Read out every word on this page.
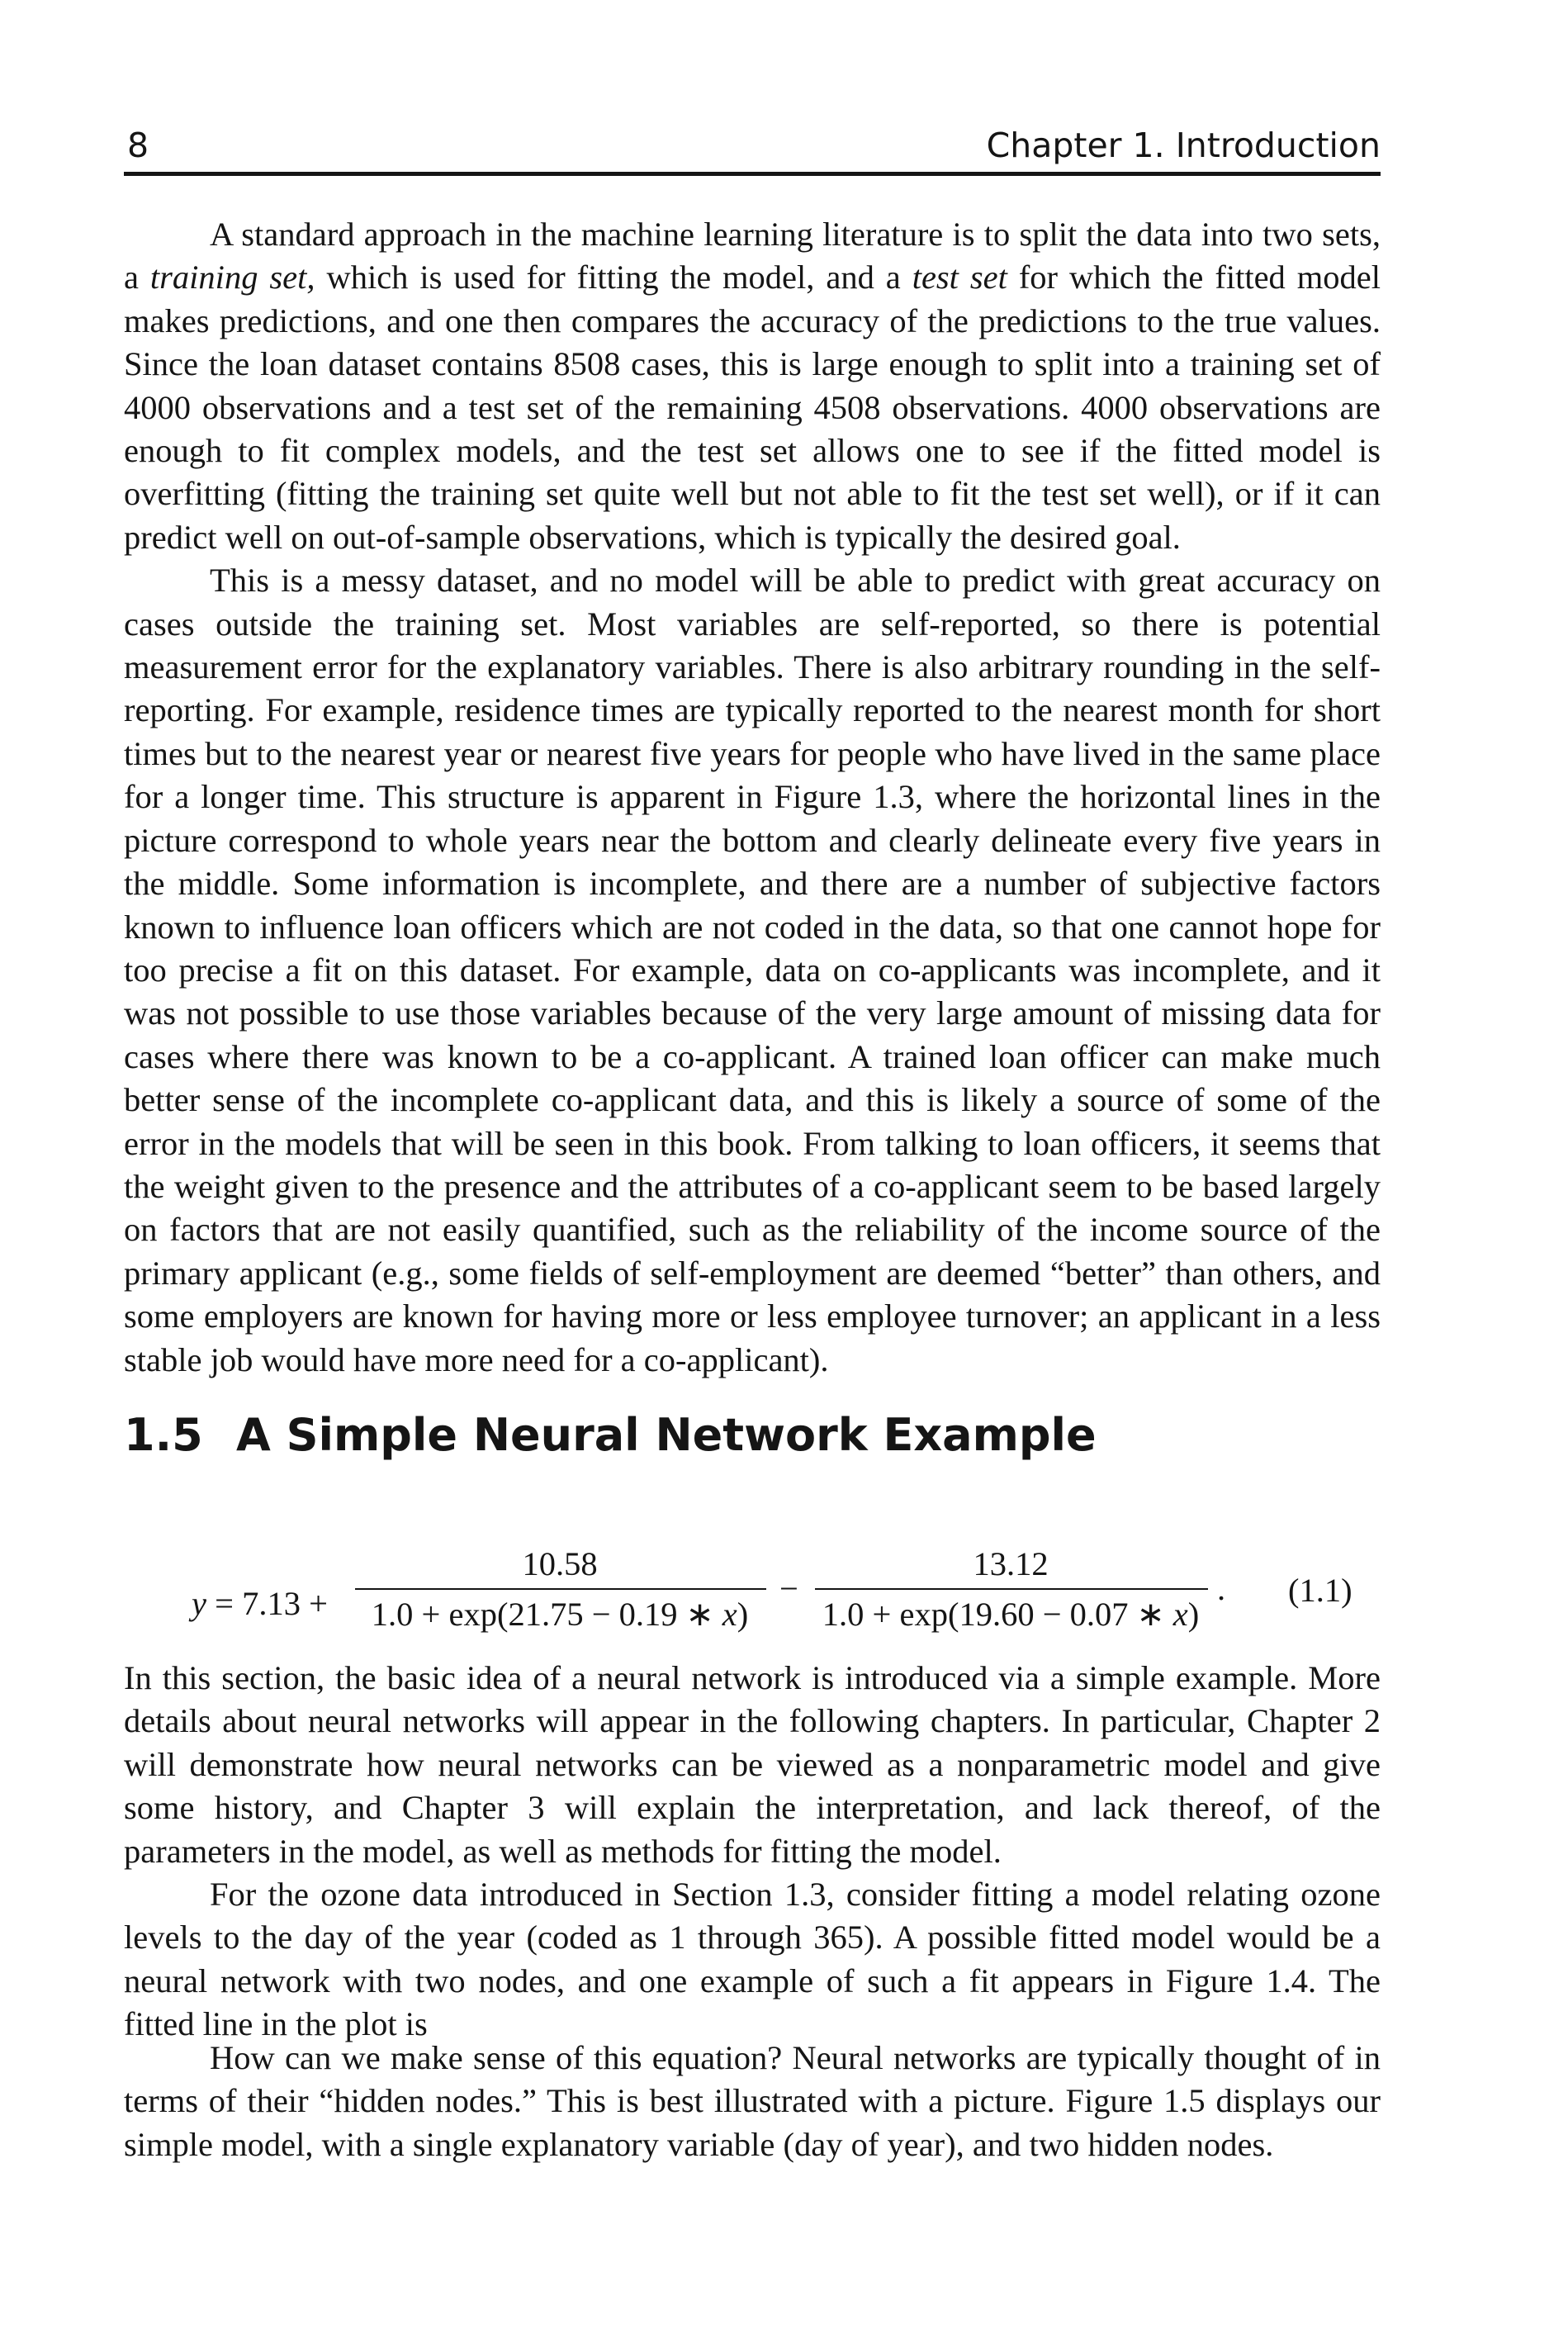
8	Chapter 1. Introduction

A standard approach in the machine learning literature is to split the data into two sets, a training set, which is used for fitting the model, and a test set for which the fitted model makes predictions, and one then compares the accuracy of the predictions to the true values. Since the loan dataset contains 8508 cases, this is large enough to split into a training set of 4000 observations and a test set of the remaining 4508 observations. 4000 observations are enough to fit complex models, and the test set allows one to see if the fitted model is overfitting (fitting the training set quite well but not able to fit the test set well), or if it can predict well on out-of-sample observations, which is typically the desired goal.

This is a messy dataset, and no model will be able to predict with great accuracy on cases outside the training set. Most variables are self-reported, so there is potential measurement error for the explanatory variables. There is also arbitrary rounding in the self-reporting. For example, residence times are typically reported to the nearest month for short times but to the nearest year or nearest five years for people who have lived in the same place for a longer time. This structure is apparent in Figure 1.3, where the horizontal lines in the picture correspond to whole years near the bottom and clearly delineate every five years in the middle. Some information is incomplete, and there are a number of subjective factors known to influence loan officers which are not coded in the data, so that one cannot hope for too precise a fit on this dataset. For example, data on co-applicants was incomplete, and it was not possible to use those variables because of the very large amount of missing data for cases where there was known to be a co-applicant. A trained loan officer can make much better sense of the incomplete co-applicant data, and this is likely a source of some of the error in the models that will be seen in this book. From talking to loan officers, it seems that the weight given to the presence and the attributes of a co-applicant seem to be based largely on factors that are not easily quantified, such as the reliability of the income source of the primary applicant (e.g., some fields of self-employment are deemed “better” than others, and some employers are known for having more or less employee turnover; an applicant in a less stable job would have more need for a co-applicant).

1.5 A Simple Neural Network Example

In this section, the basic idea of a neural network is introduced via a simple example. More details about neural networks will appear in the following chapters. In particular, Chapter 2 will demonstrate how neural networks can be viewed as a nonparametric model and give some history, and Chapter 3 will explain the interpretation, and lack thereof, of the parameters in the model, as well as methods for fitting the model.

For the ozone data introduced in Section 1.3, consider fitting a model relating ozone levels to the day of the year (coded as 1 through 365). A possible fitted model would be a neural network with two nodes, and one example of such a fit appears in Figure 1.4. The fitted line in the plot is

y = 7.13 +
10.58
1.0 + exp(21.75 − 0.19 ∗ x)
−
13.12
1.0 + exp(19.60 − 0.07 ∗ x)
. (1.1)

How can we make sense of this equation? Neural networks are typically thought of in terms of their “hidden nodes.” This is best illustrated with a picture. Figure 1.5 displays our simple model, with a single explanatory variable (day of year), and two hidden nodes.
